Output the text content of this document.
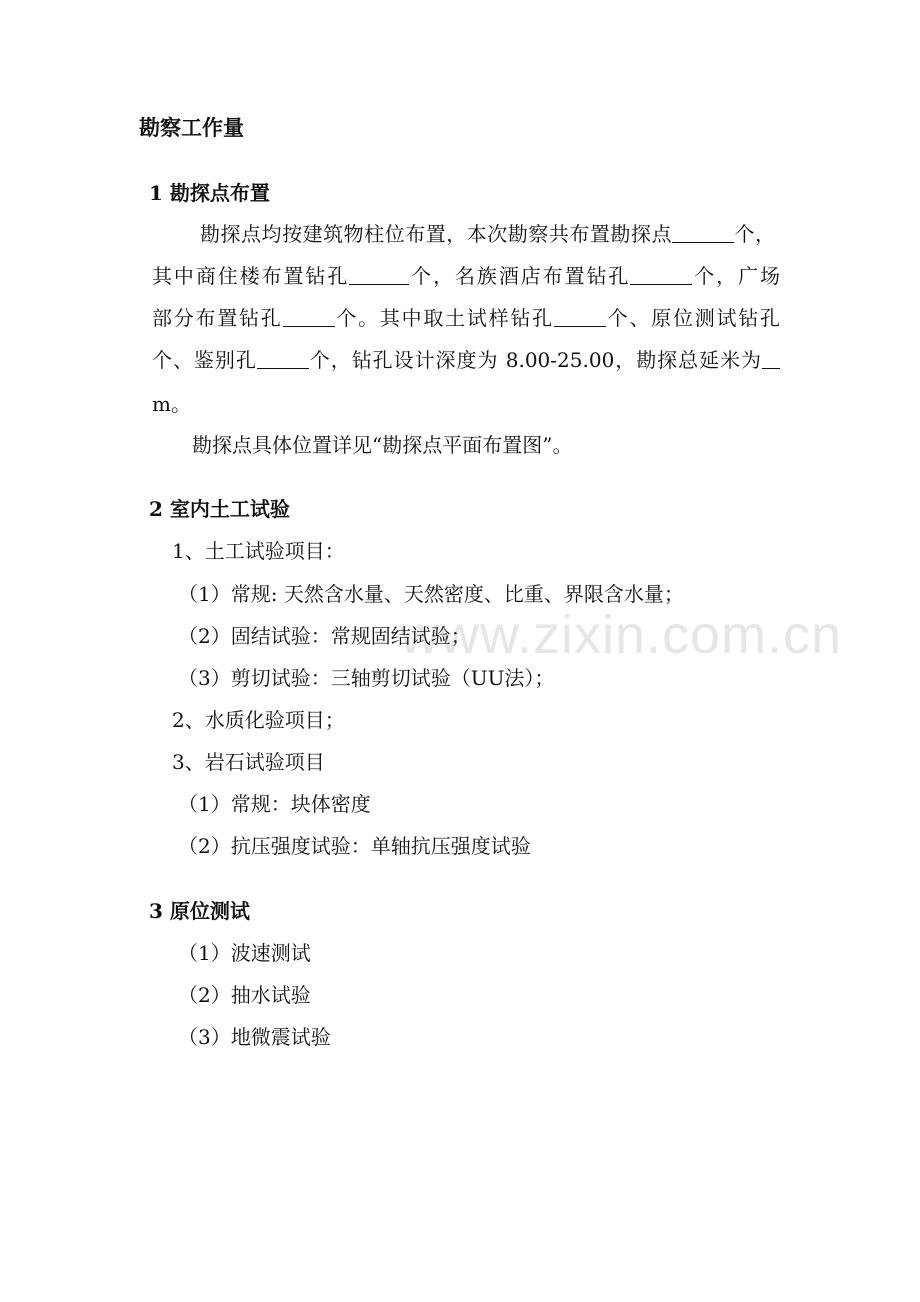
www.zixin.com.cn
勘察工作量
1 勘探点布置
勘探点均按建筑物柱位布置，本次勘察共布置勘探点	个，
其中商住楼布置钻孔	个，名族酒店布置钻孔	个，广场
部分布置钻孔	个。其中取土试样钻孔	个、原位测试钻孔
个、鉴别孔	个，钻孔设计深度为 8.00-25.00，勘探总延米为
m。
勘探点具体位置详见“勘探点平面布置图”。
2 室内土工试验
1、土工试验项目：
（1）常规: 天然含水量、天然密度、比重、界限含水量；
（2）固结试验：常规固结试验；
（3）剪切试验：三轴剪切试验（UU法）；
2、水质化验项目；
3、岩石试验项目
（1）常规：块体密度
（2）抗压强度试验：单轴抗压强度试验
3 原位测试
（1）波速测试
（2）抽水试验
（3）地微震试验
